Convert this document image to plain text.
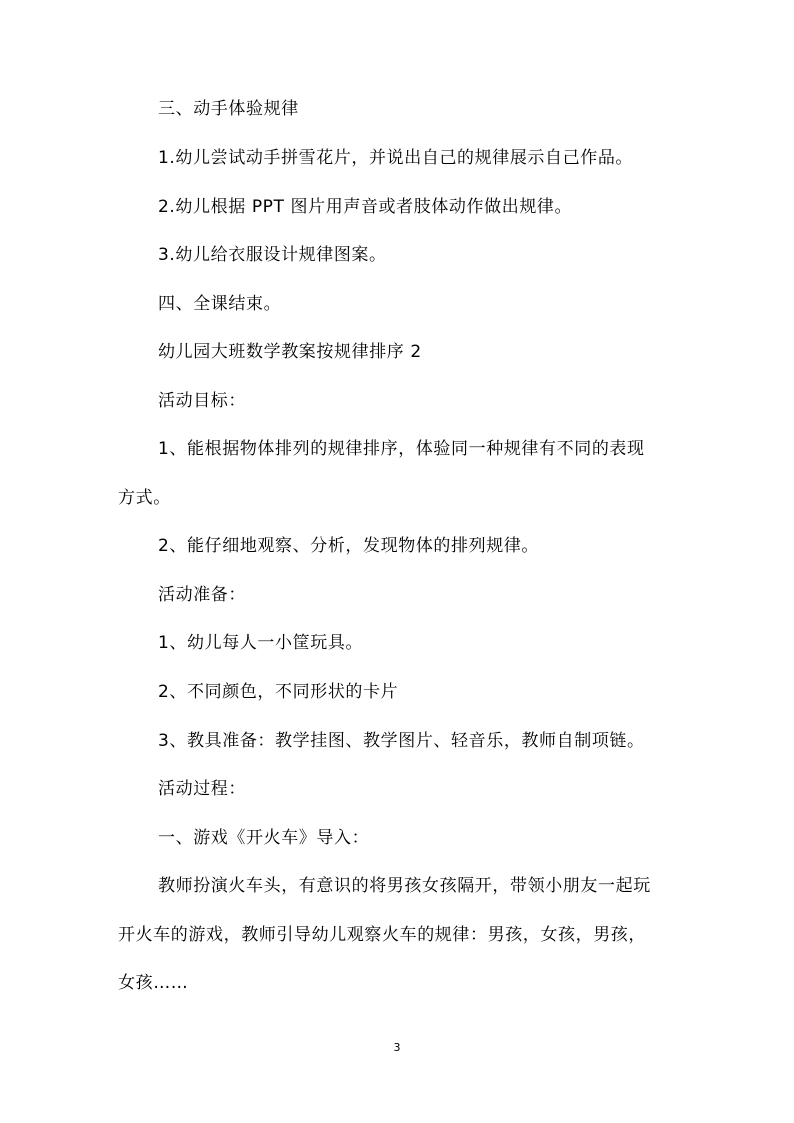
三、动手体验规律
1.幼儿尝试动手拼雪花片，并说出自己的规律展示自己作品。
2.幼儿根据 PPT 图片用声音或者肢体动作做出规律。
3.幼儿给衣服设计规律图案。
四、全课结束。
幼儿园大班数学教案按规律排序 2
活动目标：
1、能根据物体排列的规律排序，体验同一种规律有不同的表现
方式。
2、能仔细地观察、分析，发现物体的排列规律。
活动准备：
1、幼儿每人一小筐玩具。
2、不同颜色，不同形状的卡片
3、教具准备：教学挂图、教学图片、轻音乐，教师自制项链。
活动过程：
一、游戏《开火车》导入：
教师扮演火车头，有意识的将男孩女孩隔开，带领小朋友一起玩
开火车的游戏，教师引导幼儿观察火车的规律：男孩，女孩，男孩，
女孩……
3
